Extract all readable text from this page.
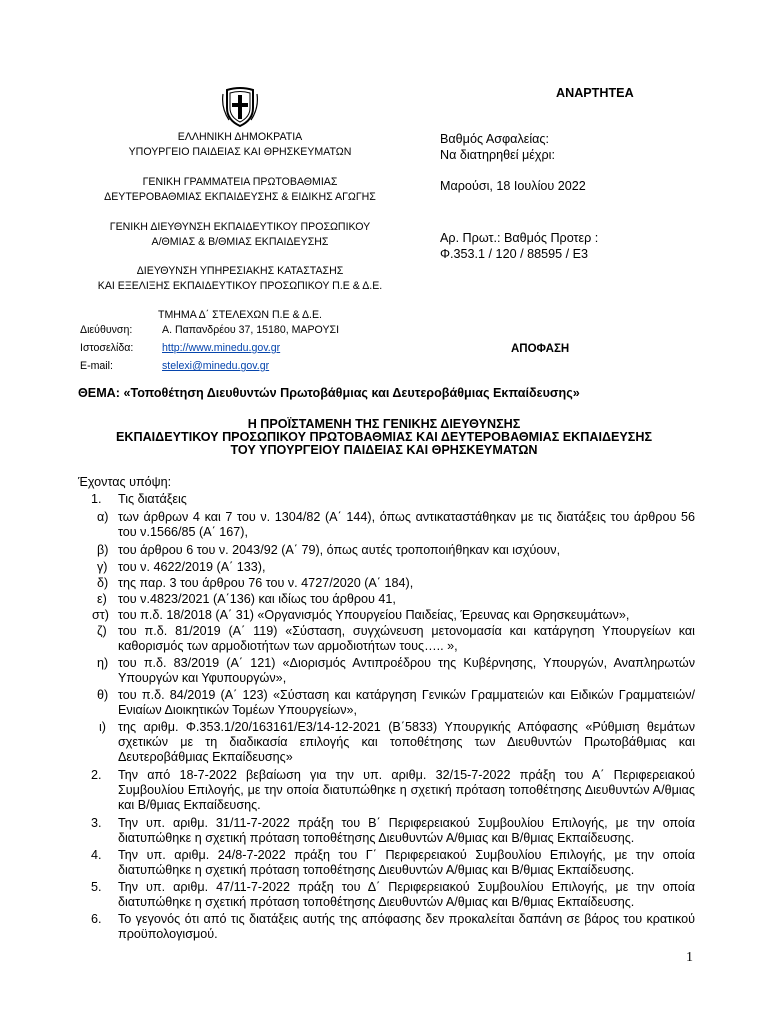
ΑΝΑΡΤΗΤΕΑ
ΕΛΛΗΝΙΚΗ ΔΗΜΟΚΡΑΤΙΑ
ΥΠΟΥΡΓΕΙΟ ΠΑΙΔΕΙΑΣ ΚΑΙ ΘΡΗΣΚΕΥΜΑΤΩΝ
ΓΕΝΙΚΗ ΓΡΑΜΜΑΤΕΙΑ ΠΡΩΤΟΒΑΘΜΙΑΣ
ΔΕΥΤΕΡΟΒΑΘΜΙΑΣ ΕΚΠΑΙΔΕΥΣΗΣ & ΕΙΔΙΚΗΣ ΑΓΩΓΗΣ
ΓΕΝΙΚΗ ΔΙΕΥΘΥΝΣΗ ΕΚΠΑΙΔΕΥΤΙΚΟΥ ΠΡΟΣΩΠΙΚΟΥ
Α/ΘΜΙΑΣ & Β/ΘΜΙΑΣ ΕΚΠΑΙΔΕΥΣΗΣ
ΔΙΕΥΘΥΝΣΗ ΥΠΗΡΕΣΙΑΚΗΣ ΚΑΤΑΣΤΑΣΗΣ
ΚΑΙ ΕΞΕΛΙΞΗΣ ΕΚΠΑΙΔΕΥΤΙΚΟΥ ΠΡΟΣΩΠΙΚΟΥ Π.Ε & Δ.Ε.
ΤΜΗΜΑ Δ΄ ΣΤΕΛΕΧΩΝ Π.Ε & Δ.Ε.
Διεύθυνση:	Α. Παπανδρέου 37, 15180, ΜΑΡΟΥΣΙ
Ιστοσελίδα:	http://www.minedu.gov.gr
E-mail:	stelexi@minedu.gov.gr
Βαθμός Ασφαλείας:
Να διατηρηθεί μέχρι:
Μαρούσι, 18 Ιουλίου 2022
Αρ. Πρωτ.: Βαθμός Προτερ :
Φ.353.1 / 120 / 88595 / Ε3
ΑΠΟΦΑΣΗ
ΘΕΜΑ: «Τοποθέτηση Διευθυντών Πρωτοβάθμιας και Δευτεροβάθμιας Εκπαίδευσης»
Η ΠΡΟΪΣΤΑΜΕΝΗ ΤΗΣ ΓΕΝΙΚΗΣ ΔΙΕΥΘΥΝΣΗΣ
ΕΚΠΑΙΔΕΥΤΙΚΟΥ ΠΡΟΣΩΠΙΚΟΥ ΠΡΩΤΟΒΑΘΜΙΑΣ ΚΑΙ ΔΕΥΤΕΡΟΒΑΘΜΙΑΣ ΕΚΠΑΙΔΕΥΣΗΣ
ΤΟΥ ΥΠΟΥΡΓΕΙΟΥ ΠΑΙΔΕΙΑΣ ΚΑΙ ΘΡΗΣΚΕΥΜΑΤΩΝ
Έχοντας υπόψη:
1.	Τις διατάξεις
α) των άρθρων 4 και 7 του ν. 1304/82 (Α΄ 144), όπως αντικαταστάθηκαν με τις διατάξεις του άρθρου 56 του ν.1566/85 (Α΄ 167),
β) του άρθρου 6 του ν. 2043/92 (Α΄ 79), όπως αυτές τροποποιήθηκαν και ισχύουν,
γ) του ν. 4622/2019 (Α΄ 133),
δ) της παρ. 3 του άρθρου 76 του ν. 4727/2020 (Α΄ 184),
ε) του ν.4823/2021 (Α΄136) και ιδίως του άρθρου 41,
στ) του π.δ. 18/2018 (Α΄ 31) «Οργανισμός Υπουργείου Παιδείας, Έρευνας και Θρησκευμάτων»,
ζ) του π.δ. 81/2019 (Α΄ 119) «Σύσταση, συγχώνευση μετονομασία και κατάργηση Υπουργείων και καθορισμός των αρμοδιοτήτων των αρμοδιοτήτων τους….. »,
η) του π.δ. 83/2019 (Α΄ 121) «Διορισμός Αντιπροέδρου της Κυβέρνησης, Υπουργών, Αναπληρωτών Υπουργών και Υφυπουργών»,
θ) του π.δ. 84/2019 (Α΄ 123) «Σύσταση και κατάργηση Γενικών Γραμματειών και Ειδικών Γραμματειών/Ενιαίων Διοικητικών Τομέων Υπουργείων»,
ι) της αριθμ. Φ.353.1/20/163161/Ε3/14-12-2021 (Β΄5833) Υπουργικής Απόφασης «Ρύθμιση θεμάτων σχετικών με τη διαδικασία επιλογής και τοποθέτησης των Διευθυντών Πρωτοβάθμιας και Δευτεροβάθμιας Εκπαίδευσης»
2.	Την από 18-7-2022 βεβαίωση για την υπ. αριθμ. 32/15-7-2022 πράξη του Α΄ Περιφερειακού Συμβουλίου Επιλογής, με την οποία διατυπώθηκε η σχετική πρόταση τοποθέτησης Διευθυντών Α/θμιας και Β/θμιας Εκπαίδευσης.
3.	Την υπ. αριθμ. 31/11-7-2022 πράξη του Β΄ Περιφερειακού Συμβουλίου Επιλογής, με την οποία διατυπώθηκε η σχετική πρόταση τοποθέτησης Διευθυντών Α/θμιας και Β/θμιας Εκπαίδευσης.
4.	Την υπ. αριθμ. 24/8-7-2022 πράξη του Γ΄ Περιφερειακού Συμβουλίου Επιλογής, με την οποία διατυπώθηκε η σχετική πρόταση τοποθέτησης Διευθυντών Α/θμιας και Β/θμιας Εκπαίδευσης.
5.	Την υπ. αριθμ. 47/11-7-2022 πράξη του Δ΄ Περιφερειακού Συμβουλίου Επιλογής, με την οποία διατυπώθηκε η σχετική πρόταση τοποθέτησης Διευθυντών Α/θμιας και Β/θμιας Εκπαίδευσης.
6.	Το γεγονός ότι από τις διατάξεις αυτής της απόφασης δεν προκαλείται δαπάνη σε βάρος του κρατικού προϋπολογισμού.
1
